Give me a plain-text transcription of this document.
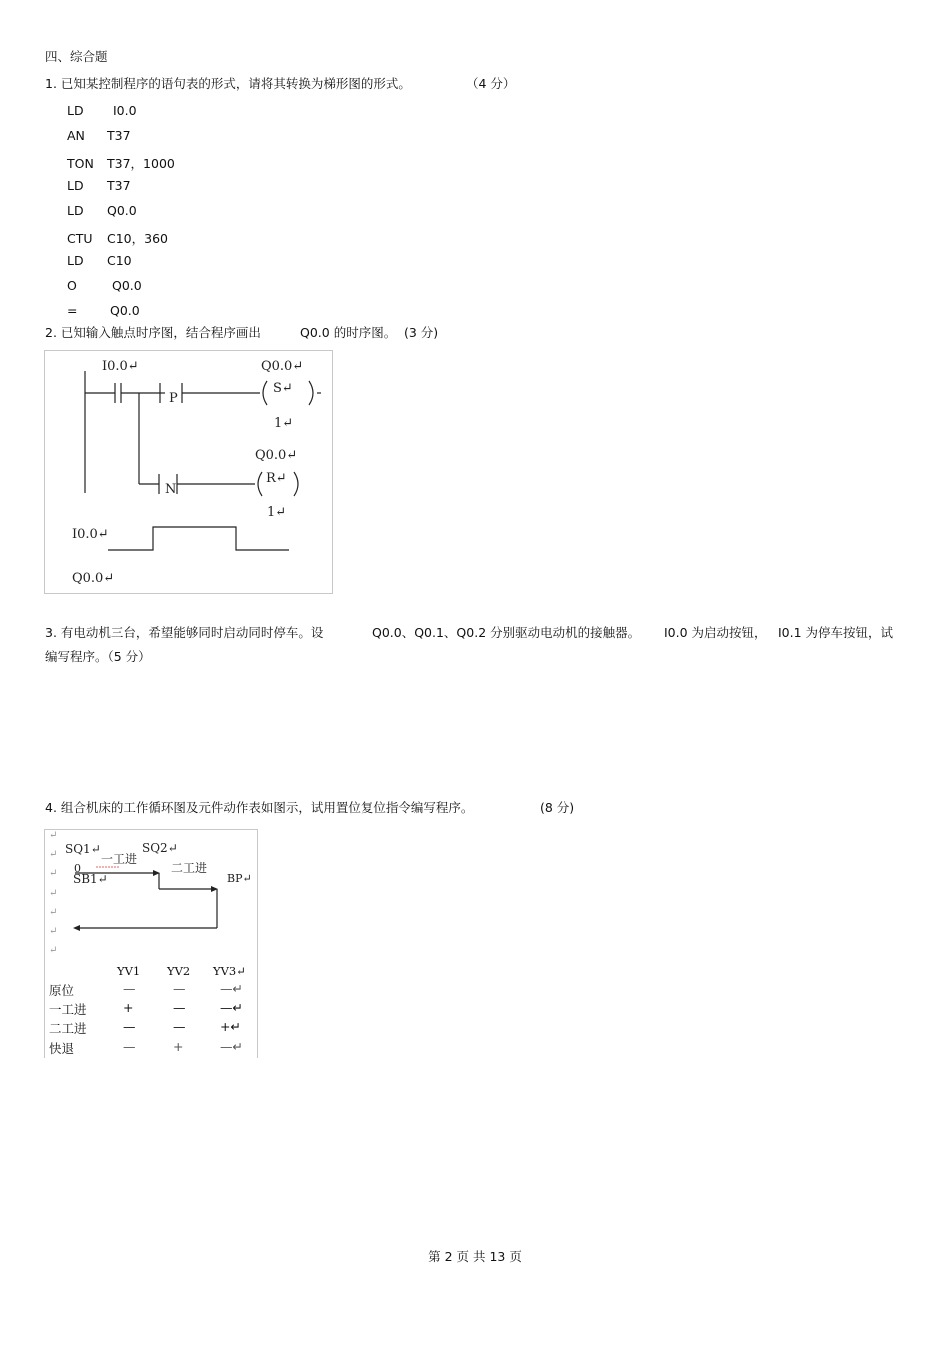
四、综合题
1. 已知某控制程序的语句表的形式，请将其转换为梯形图的形式。	（4 分）
LD I0.0
AN T37
TON T37，1000
LD T37
LD Q0.0
CTU C10，360
LD C10
O	Q0.0
=	Q0.0
2. 已知输入触点时序图，结合程序画出	Q0.0 的时序图。 (3 分)
I0.0↵
P
Q0.0↵
S↵
1↵
Q0.0↵
N
R↵
1↵
I0.0↵
Q0.0↵
3. 有电动机三台，希望能够同时启动同时停车。设	Q0.0、Q0.1、Q0.2 分别驱动电动机的接触器。 I0.0 为启动按钮， I0.1 为停车按钮，试
编写程序。（5 分）
4. 组合机床的工作循环图及元件动作表如图示，试用置位复位指令编写程序。	(8 分)
↵
↵
↵
↵
↵
↵
↵
SQ1↵
0
SB1↵
一工进
SQ2↵
二工进
BP↵
YV1 YV2 YV3↵
原位	—	—	—↵
一工进	+	—	—↵
二工进	—	—	+↵
快退	—	+	—↵
第 2 页 共 13 页
